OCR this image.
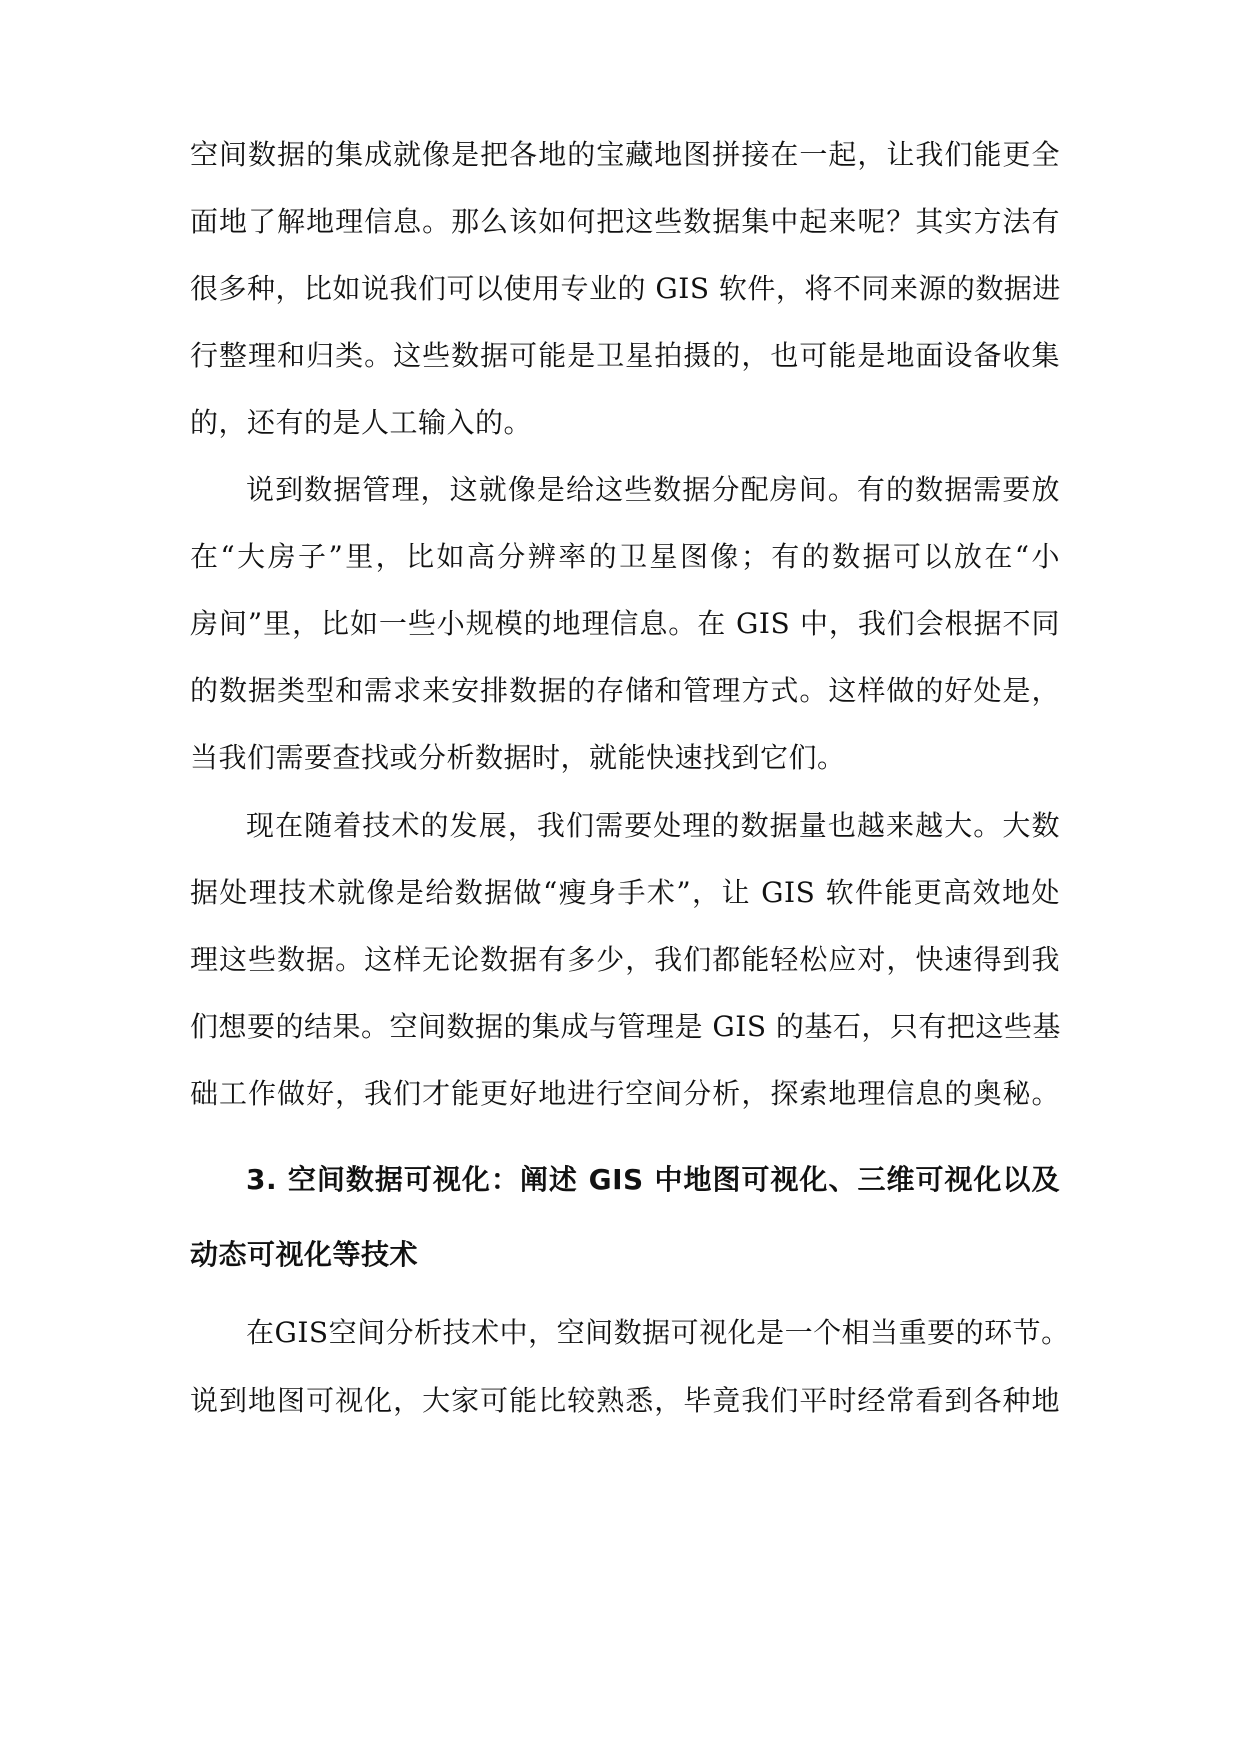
空间数据的集成就像是把各地的宝藏地图拼接在一起，让我们能更全
面地了解地理信息。那么该如何把这些数据集中起来呢？其实方法有
很多种，比如说我们可以使用专业的 GIS 软件，将不同来源的数据进
行整理和归类。这些数据可能是卫星拍摄的，也可能是地面设备收集
的，还有的是人工输入的。
说到数据管理，这就像是给这些数据分配房间。有的数据需要放
在“大房子”里，比如高分辨率的卫星图像；有的数据可以放在“小
房间”里，比如一些小规模的地理信息。在 GIS 中，我们会根据不同
的数据类型和需求来安排数据的存储和管理方式。这样做的好处是，
当我们需要查找或分析数据时，就能快速找到它们。
现在随着技术的发展，我们需要处理的数据量也越来越大。大数
据处理技术就像是给数据做“瘦身手术”，让 GIS 软件能更高效地处
理这些数据。这样无论数据有多少，我们都能轻松应对，快速得到我
们想要的结果。空间数据的集成与管理是 GIS 的基石，只有把这些基
础工作做好，我们才能更好地进行空间分析，探索地理信息的奥秘。
3. 空间数据可视化：阐述 GIS 中地图可视化、三维可视化以及
动态可视化等技术
在GIS空间分析技术中，空间数据可视化是一个相当重要的环节。
说到地图可视化，大家可能比较熟悉，毕竟我们平时经常看到各种地
